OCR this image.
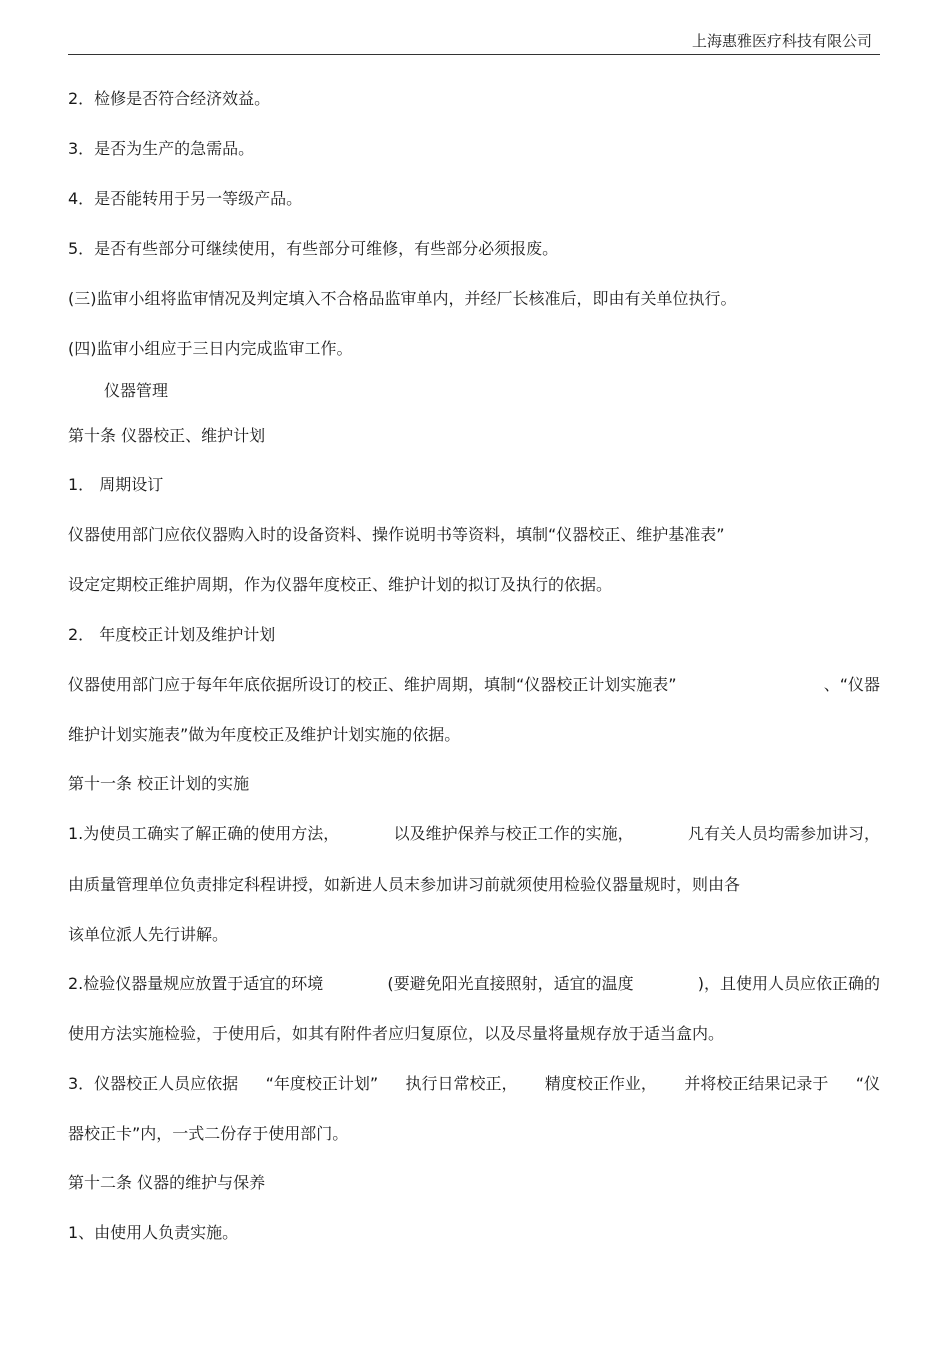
上海惠雅医疗科技有限公司
2．检修是否符合经济效益。
3．是否为生产的急需品。
4．是否能转用于另一等级产品。
5．是否有些部分可继续使用，有些部分可维修，有些部分必须报废。
(三)监审小组将监审情况及判定填入不合格品监审单内，并经厂长核准后，即由有关单位执行。
(四)监审小组应于三日内完成监审工作。
仪器管理
第十条 仪器校正、维护计划
1． 周期设订
仪器使用部门应依仪器购入时的设备资料、操作说明书等资料，填制“仪器校正、维护基准表”
设定定期校正维护周期，作为仪器年度校正、维护计划的拟订及执行的依据。
2． 年度校正计划及维护计划
仪器使用部门应于每年年底依据所设订的校正、维护周期，填制“仪器校正计划实施表”	、“仪器
维护计划实施表”做为年度校正及维护计划实施的依据。
第十一条 校正计划的实施
1.为使员工确实了解正确的使用方法，	以及维护保养与校正工作的实施，	凡有关人员均需参加讲习，
由质量管理单位负责排定科程讲授，如新进人员末参加讲习前就须使用检验仪器量规时，则由各
该单位派人先行讲解。
2.检验仪器量规应放置于适宜的环境	(要避免阳光直接照射，适宜的温度	)，且使用人员应依正确的
使用方法实施检验，于使用后，如其有附件者应归复原位，以及尽量将量规存放于适当盒内。
3．仪器校正人员应依据 “年度校正计划” 执行日常校正， 精度校正作业， 并将校正结果记录于 “仪
器校正卡”内，一式二份存于使用部门。
第十二条 仪器的维护与保养
1、由使用人负责实施。
